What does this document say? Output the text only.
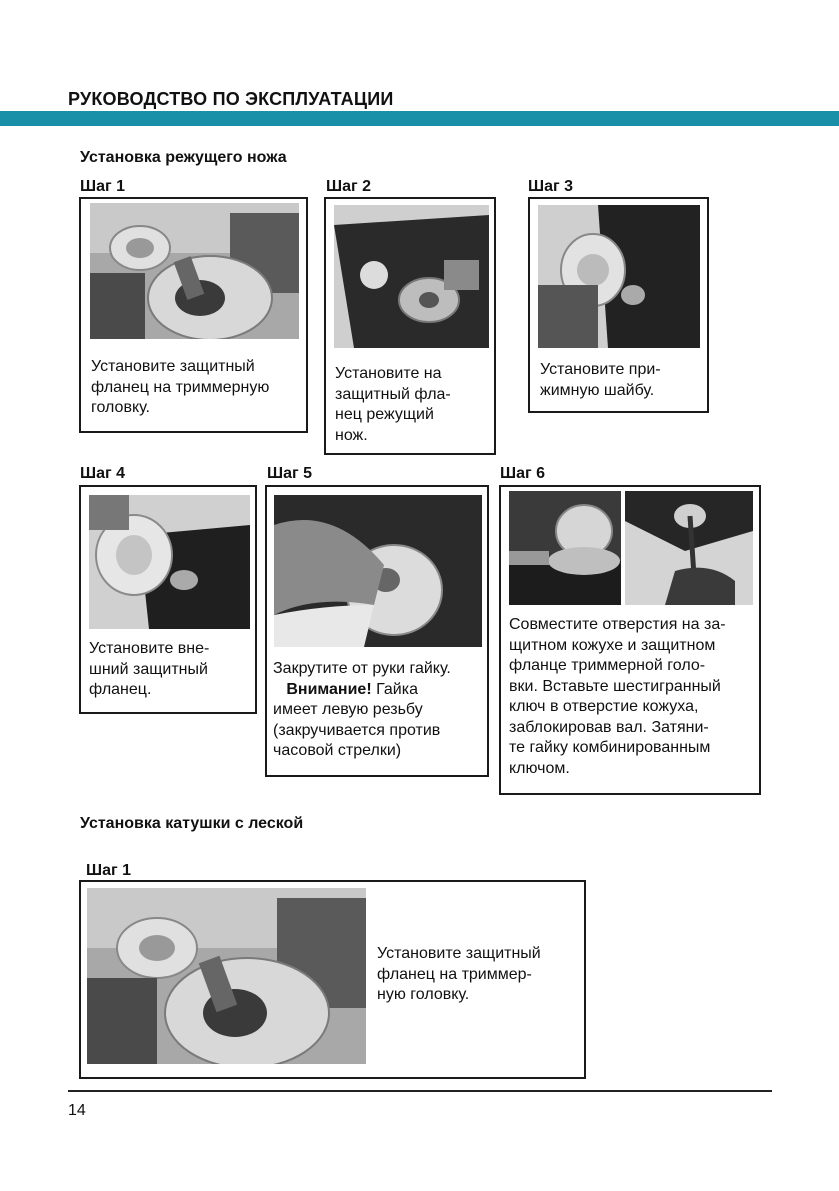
РУКОВОДСТВО ПО ЭКСПЛУАТАЦИИ
Установка режущего ножа
Шаг 1
Установите защитный
фланец на триммерную
головку.
Шаг 2
Установите на
защитный фла-
нец режущий
нож.
Шаг 3
Установите при-
жимную шайбу.
Шаг 4
Установите вне-
шний защитный
фланец.
Шаг 5
Закрутите от руки гайку.
Внимание! Гайка
имеет левую резьбу
(закручивается против
часовой стрелки)
Шаг 6
Совместите отверстия на за-
щитном кожухе и защитном
фланце триммерной голо-
вки. Вставьте шестигранный
ключ в отверстие кожуха,
заблокировав вал. Затяни-
те гайку комбинированным
ключом.
Установка катушки с леской
Шаг 1
Установите защитный
фланец на триммер-
ную головку.
14
